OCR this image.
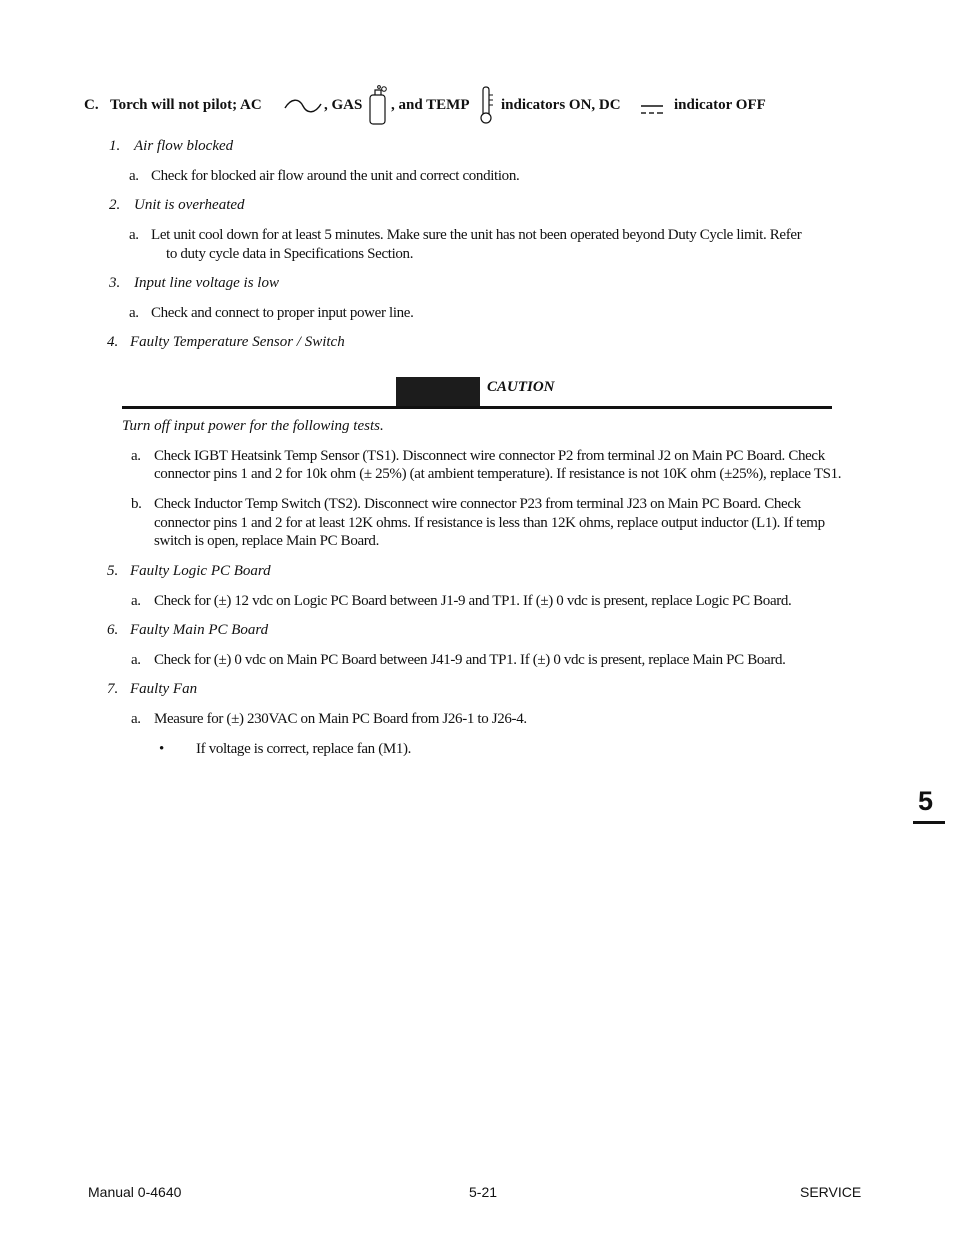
C. Torch will not pilot; AC	, GAS , and TEMP indicators ON, DC	indicator OFF
1. Air flow blocked
a. Check for blocked air flow around the unit and correct condition.
2. Unit is overheated
a. Let unit cool down for at least 5 minutes. Make sure the unit has not been operated beyond Duty Cycle limit. Refer
to duty cycle data in Specifications Section.
3. Input line voltage is low
a. Check and connect to proper input power line.
4. Faulty Temperature Sensor / Switch
CAUTION
Turn off input power for the following tests.
a. Check IGBT Heatsink Temp Sensor (TS1). Disconnect wire connector P2 from terminal J2 on Main PC Board. Check
connector pins 1 and 2 for 10k ohm (± 25%) (at ambient temperature). If resistance is not 10K ohm (±25%), replace TS1.
b. Check Inductor Temp Switch (TS2). Disconnect wire connector P23 from terminal J23 on Main PC Board. Check
connector pins 1 and 2 for at least 12K ohms. If resistance is less than 12K ohms, replace output inductor (L1). If temp
switch is open, replace Main PC Board.
5. Faulty Logic PC Board
a. Check for (±) 12 vdc on Logic PC Board between J1-9 and TP1. If (±) 0 vdc is present, replace Logic PC Board.
6. Faulty Main PC Board
a. Check for (±) 0 vdc on Main PC Board between J41-9 and TP1. If (±) 0 vdc is present, replace Main PC Board.
7. Faulty Fan
a. Measure for (±) 230VAC on Main PC Board from J26-1 to J26-4.
• If voltage is correct, replace fan (M1).
5
Manual 0-4640	5-21	SERVICE
